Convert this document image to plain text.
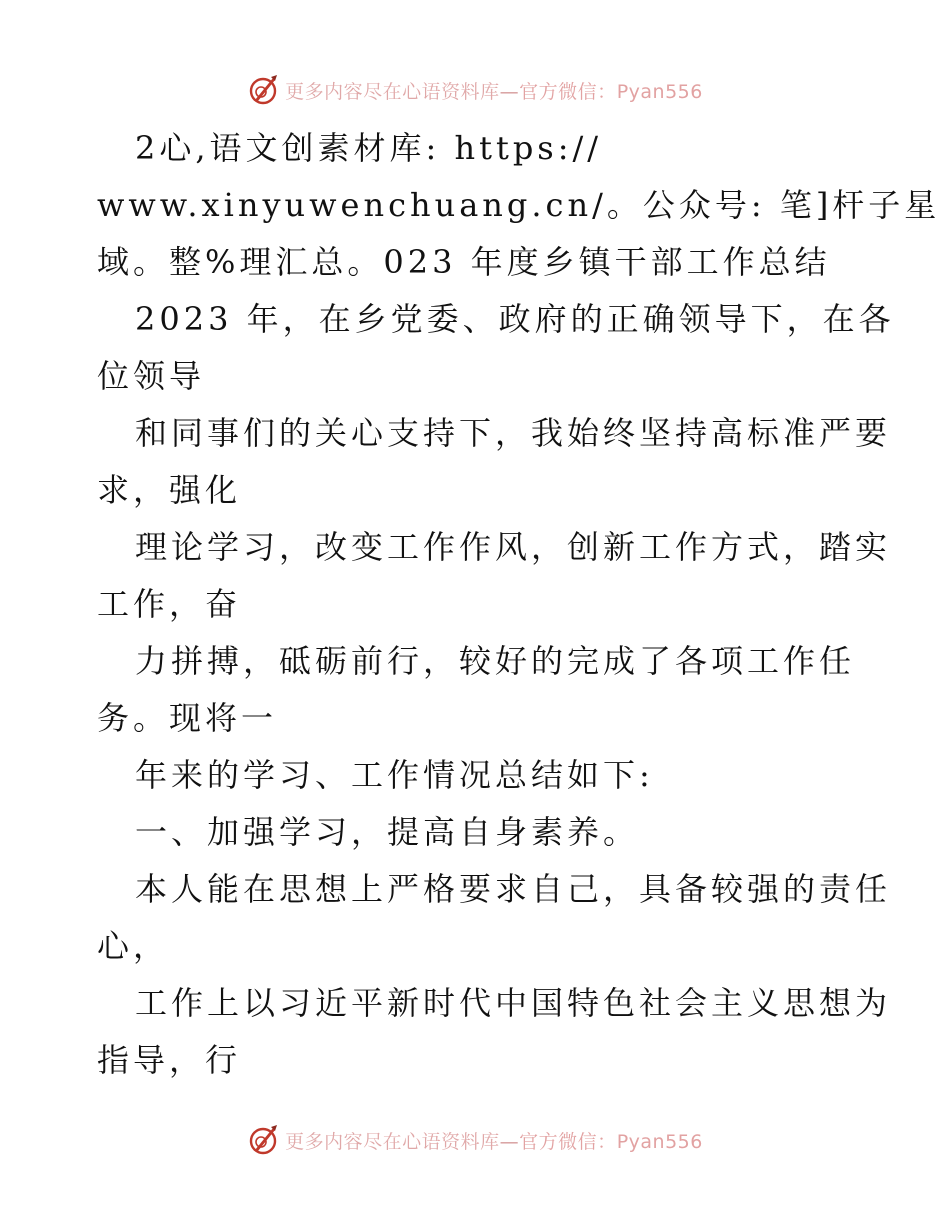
更多内容尽在心语资料库—官方微信：Pyan556
2心,语文创素材库: https://
www.xinyuwenchuang.cn/。公众号: 笔]杆子星
域。整%理汇总。023 年度乡镇干部工作总结
2023 年，在乡党委、政府的正确领导下，在各
位领导
和同事们的关心支持下，我始终坚持高标准严要
求，强化
理论学习，改变工作作风，创新工作方式，踏实
工作，奋
力拼搏，砥砺前行，较好的完成了各项工作任
务。现将一
年来的学习、工作情况总结如下:
一、加强学习，提高自身素养。
本人能在思想上严格要求自己，具备较强的责任
心，
工作上以习近平新时代中国特色社会主义思想为
指导，行
更多内容尽在心语资料库—官方微信：Pyan556
